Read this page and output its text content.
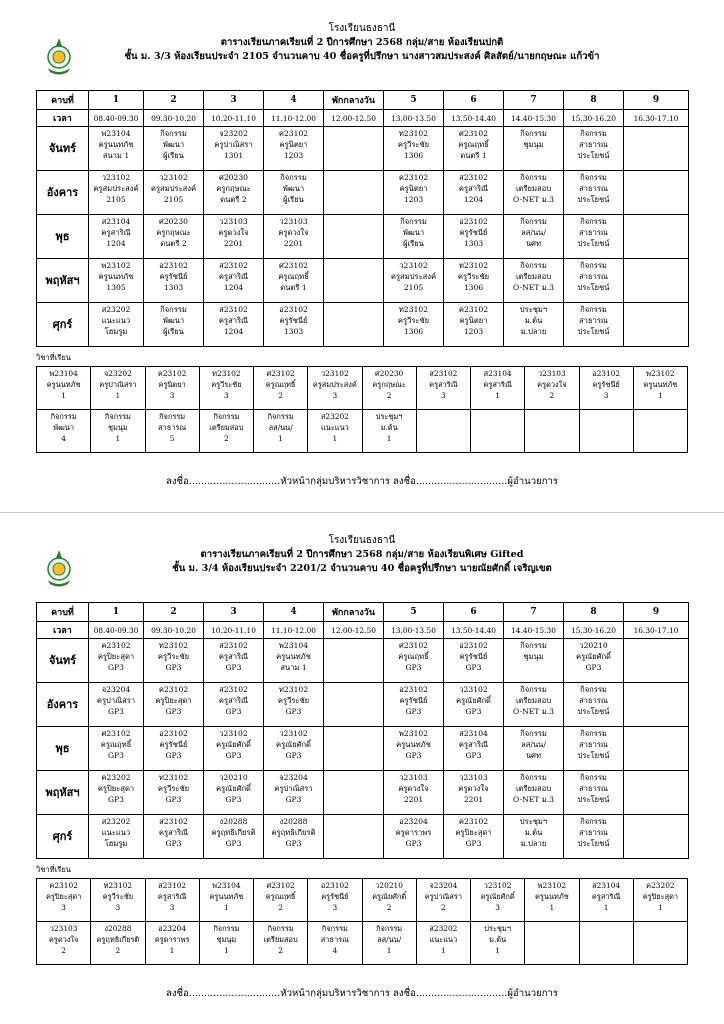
โรงเรียนธงธานี
ตารางเรียนภาคเรียนที่ 2 ปีการศึกษา 2568 กลุ่ม/สาย ห้องเรียนปกติ
ชั้น ม. 3/3 ห้องเรียนประจำ 2105 จำนวนคาบ 40 ชื่อครูที่ปรึกษา นางสาวสมประสงค์ ศิลสัตย์/นายกฤษณะ แก้วข้า
คาบที่	1	2	3	4	พักกลางวัน	5	6	7	8	9
เวลา	08.40-09.30	09.30-10.20	10.20-11.10	11.10-12.00	12.00-12.50	13.00-13.50	13.50-14.40	14.40-15.30	15.30-16.20	16.30-17.10
จันทร์	พ23104
ครูนนทภัช
สนาม 1	กิจกรรม
พัฒนา
ผู้เรียน	จ23202
ครูปาณิสรา
1301	ค23102
ครูนิตยา
1203		ท23102
ครูวีระชัย
1306	ศ23102
ครูณฤทธิ์
ดนตรี 1	กิจกรรม
ชุมนุม	กิจกรรม
สาธารณ
ประโยชน์	

อังคาร	ว23102
ครูสมประสงค์
2105	ว23102
ครูสมประสงค์
2105	ศ20230
ครูกฤษณะ
ดนตรี 2	กิจกรรม
พัฒนา
ผู้เรียน		ค23102
ครูนิตยา
1203	ส23102
ครูสาริณี
1204	กิจกรรม
เตรียมสอบ
O-NET ม.3	กิจกรรม
สาธารณ
ประโยชน์	

พุธ	ส23104
ครูสาริณี
1204	ศ20230
ครูกฤษณะ
ดนตรี 2	ว23103
ครูดวงใจ
2201	ว23103
ครูดวงใจ
2201		กิจกรรม
พัฒนา
ผู้เรียน	อ23102
ครูรัชนีย์
1303	กิจกรรม
ลส/นน/
นศท	กิจกรรม
สาธารณ
ประโยชน์	

พฤหัสฯ	พ23102
ครูนนทภัช
1305	อ23102
ครูรัชนีย์
1303	ส23102
ครูสาริณี
1204	ศ23102
ครูณฤทธิ์
ดนตรี 1		ว23102
ครูสมประสงค์
2105	ท23102
ครูวีระชัย
1306	กิจกรรม
เตรียมสอบ
O-NET ม.3	กิจกรรม
สาธารณ
ประโยชน์	

ศุกร์	ส23202
แนะแนว
โฮมรูม	กิจกรรม
พัฒนา
ผู้เรียน	ส23102
ครูสาริณี
1204	อ23102
ครูรัชนีย์
1303		ท23102
ครูวีระชัย
1306	ค23102
ครูนิตยา
1203	ประชุมฯ
ม.ต้น
ม.ปลาย	กิจกรรม
สาธารณ
ประโยชน์	

วิชาที่เรียน
พ23104
ครูนนทภัช
1	จ23202
ครูปาณิสรา
1	ค23102
ครูนิตยา
3	ท23102
ครูวีระชัย
3	ศ23102
ครูณฤทธิ์
2	ว23102
ครูสมประสงค์
3	ศ20230
ครูกฤษณะ
2	ส23102
ครูสาริณี
3	ส23104
ครูสาริณี
1	ว23103
ครูดวงใจ
2	อ23102
ครูรัชนีย์
3	พ23102
ครูนนทภัช
1

กิจกรรม
พัฒนา
4	กิจกรรม
ชุมนุม
1	กิจกรรม
สาธารณ
5	กิจกรรม
เตรียมสอบ
2	กิจกรรม
ลส/นน/
1	ส23202
แนะแนว
1	ประชุมฯ
ม.ต้น
1					

ลงชื่อ..............................หัวหน้ากลุ่มบริหารวิชาการ ลงชื่อ..............................ผู้อำนวยการ
โรงเรียนธงธานี
ตารางเรียนภาคเรียนที่ 2 ปีการศึกษา 2568 กลุ่ม/สาย ห้องเรียนพิเศษ Gifted
ชั้น ม. 3/4 ห้องเรียนประจำ 2201/2 จำนวนคาบ 40 ชื่อครูที่ปรึกษา นายณัยศักดิ์ เจริญเขต
คาบที่	1	2	3	4	พักกลางวัน	5	6	7	8	9
เวลา	08.40-09.30	09.30-10.20	10.20-11.10	11.10-12.00	12.00-12.50	13.00-13.50	13.50-14.40	14.40-15.30	15.30-16.20	16.30-17.10
จันทร์	ค23102
ครูปิยะสุดา
GP3	ท23102
ครูวีระชัย
GP3	ส23102
ครูสาริณี
GP3	พ23104
ครูนนทภัช
สนาม 1		ศ23102
ครูณฤทธิ์
GP3	อ23102
ครูรัชนีย์
GP3	กิจกรรม
ชุมนุม	ว20210
ครูณัยศักดิ์
GP3	

อังคาร	จ23204
ครูปาณิสรา
GP3	ค23102
ครูปิยะสุดา
GP3	ส23102
ครูสาริณี
GP3	ท23102
ครูวีระชัย
GP3		อ23102
ครูรัชนีย์
GP3	ว23102
ครูณัยศักดิ์
GP3	กิจกรรม
เตรียมสอบ
O-NET ม.3	กิจกรรม
สาธารณ
ประโยชน์	

พุธ	ศ23102
ครูณฤทธิ์
GP3	อ23102
ครูรัชนีย์
GP3	ว23102
ครูณัยศักดิ์
GP3	ว23102
ครูณัยศักดิ์
GP3		พ23102
ครูนนทภัช
GP3	ส23104
ครูสาริณี
GP3	กิจกรรม
ลส/นน/
นศท	กิจกรรม
สาธารณ
ประโยชน์	

พฤหัสฯ	ค23202
ครูปิยะสุดา
GP3	ท23102
ครูวีระชัย
GP3	ว20210
ครูณัยศักดิ์
GP3	จ23204
ครูปาณิสรา
GP3		ว23103
ครูดวงใจ
2201	ว23103
ครูดวงใจ
2201	กิจกรรม
เตรียมสอบ
O-NET ม.3	กิจกรรม
สาธารณ
ประโยชน์	

ศุกร์	ส23202
แนะแนว
โฮมรูม	ส23102
ครูสาริณี
GP3	ง20288
ครูฤทธิเกียรติ
GP3	ง20288
ครูฤทธิเกียรติ
GP3		อ23204
ครูดาราพร
GP3	ค23102
ครูปิยะสุดา
GP3	ประชุมฯ
ม.ต้น
ม.ปลาย	กิจกรรม
สาธารณ
ประโยชน์	

วิชาที่เรียน
ค23102
ครูปิยะสุดา
3	ท23102
ครูวีระชัย
3	ส23102
ครูสาริณี
3	พ23104
ครูนนทภัช
1	ศ23102
ครูณฤทธิ์
2	อ23102
ครูรัชนีย์
3	ว20210
ครูณัยศักดิ์
2	จ23204
ครูปาณิสรา
2	ว23102
ครูณัยศักดิ์
3	พ23102
ครูนนทภัช
1	ส23104
ครูสาริณี
1	ค23202
ครูปิยะสุดา
1

ว23103
ครูดวงใจ
2	ง20288
ครูฤทธิเกียรติ
2	อ23204
ครูดาราพร
1	กิจกรรม
ชุมนุม
1	กิจกรรม
เตรียมสอบ
2	กิจกรรม
สาธารณ
4	กิจกรรม
ลส/นน/
1	ส23202
แนะแนว
1	ประชุมฯ
ม.ต้น
1			

ลงชื่อ..............................หัวหน้ากลุ่มบริหารวิชาการ ลงชื่อ..............................ผู้อำนวยการ
